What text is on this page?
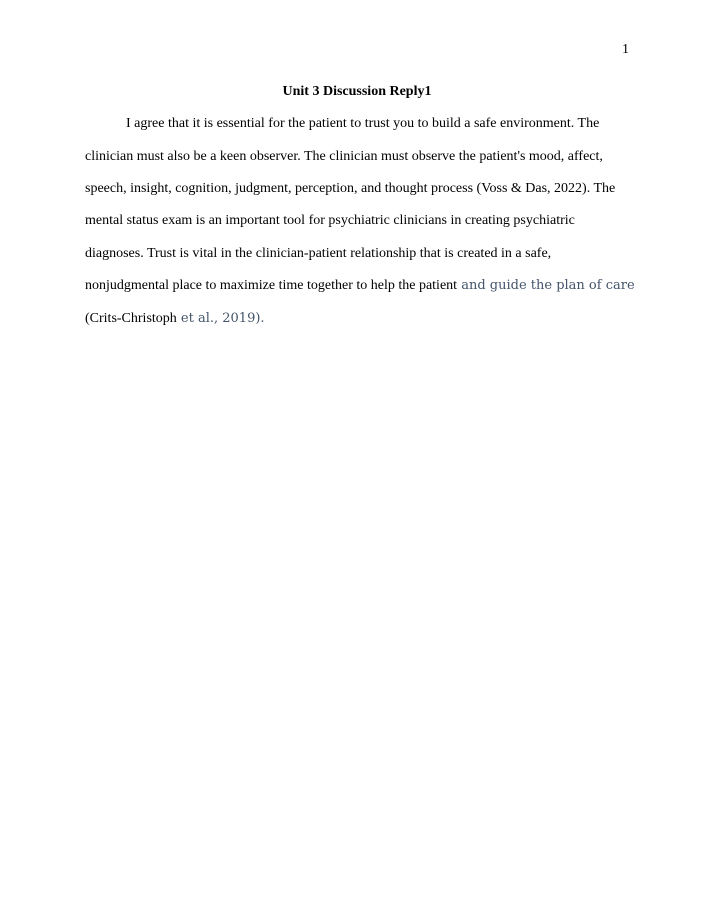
1
Unit 3 Discussion Reply1
I agree that it is essential for the patient to trust you to build a safe environment. The
clinician must also be a keen observer. The clinician must observe the patient's mood, affect,
speech, insight, cognition, judgment, perception, and thought process (Voss & Das, 2022). The
mental status exam is an important tool for psychiatric clinicians in creating psychiatric
diagnoses. Trust is vital in the clinician-patient relationship that is created in a safe,
nonjudgmental place to maximize time together to help the patient and guide the plan of care
(Crits-Christoph et al., 2019).
